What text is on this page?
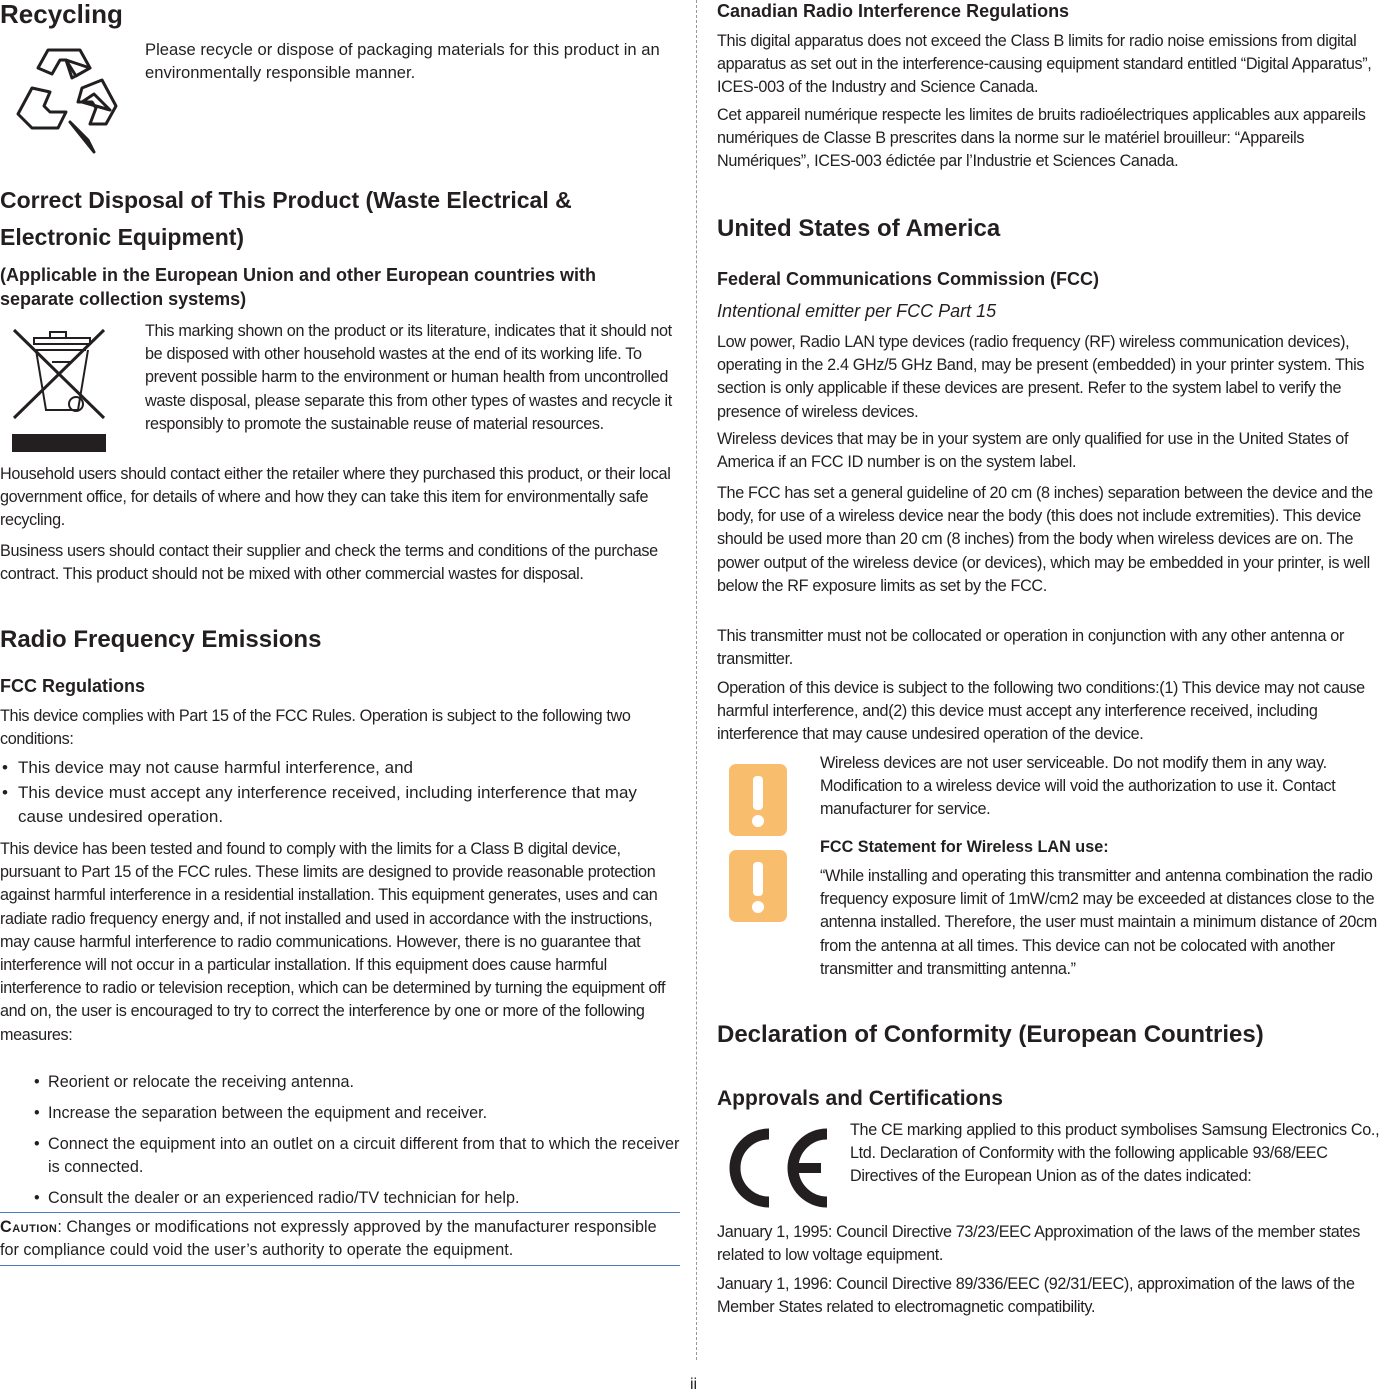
Recycling

Please recycle or dispose of packaging materials for this product in an environmentally responsible manner.

Correct Disposal of This Product (Waste Electrical & Electronic Equipment)
(Applicable in the European Union and other European countries with separate collection systems)

This marking shown on the product or its literature, indicates that it should not be disposed with other household wastes at the end of its working life. To prevent possible harm to the environment or human health from uncontrolled waste disposal, please separate this from other types of wastes and recycle it responsibly to promote the sustainable reuse of material resources.

Household users should contact either the retailer where they purchased this product, or their local government office, for details of where and how they can take this item for environmentally safe recycling.

Business users should contact their supplier and check the terms and conditions of the purchase contract. This product should not be mixed with other commercial wastes for disposal.

Radio Frequency Emissions
FCC Regulations

This device complies with Part 15 of the FCC Rules. Operation is subject to the following two conditions:

• This device may not cause harmful interference, and
• This device must accept any interference received, including interference that may cause undesired operation.

This device has been tested and found to comply with the limits for a Class B digital device, pursuant to Part 15 of the FCC rules. These limits are designed to provide reasonable protection against harmful interference in a residential installation. This equipment generates, uses and can radiate radio frequency energy and, if not installed and used in accordance with the instructions, may cause harmful interference to radio communications. However, there is no guarantee that interference will not occur in a particular installation. If this equipment does cause harmful interference to radio or television reception, which can be determined by turning the equipment off and on, the user is encouraged to try to correct the interference by one or more of the following measures:

• Reorient or relocate the receiving antenna.
• Increase the separation between the equipment and receiver.
• Connect the equipment into an outlet on a circuit different from that to which the receiver is connected.
• Consult the dealer or an experienced radio/TV technician for help.

Caution: Changes or modifications not expressly approved by the manufacturer responsible for compliance could void the user’s authority to operate the equipment.

Canadian Radio Interference Regulations

This digital apparatus does not exceed the Class B limits for radio noise emissions from digital apparatus as set out in the interference-causing equipment standard entitled “Digital Apparatus”, ICES-003 of the Industry and Science Canada.

Cet appareil numérique respecte les limites de bruits radioélectriques applicables aux appareils numériques de Classe B prescrites dans la norme sur le matériel brouilleur: “Appareils Numériques”, ICES-003 édictée par l’Industrie et Sciences Canada.

United States of America
Federal Communications Commission (FCC)
Intentional emitter per FCC Part 15

Low power, Radio LAN type devices (radio frequency (RF) wireless communication devices), operating in the 2.4 GHz/5 GHz Band, may be present (embedded) in your printer system. This section is only applicable if these devices are present. Refer to the system label to verify the presence of wireless devices.

Wireless devices that may be in your system are only qualified for use in the United States of America if an FCC ID number is on the system label.

The FCC has set a general guideline of 20 cm (8 inches) separation between the device and the body, for use of a wireless device near the body (this does not include extremities). This device should be used more than 20 cm (8 inches) from the body when wireless devices are on. The power output of the wireless device (or devices), which may be embedded in your printer, is well below the RF exposure limits as set by the FCC.

This transmitter must not be collocated or operation in conjunction with any other antenna or transmitter.

Operation of this device is subject to the following two conditions:(1) This device may not cause harmful interference, and(2) this device must accept any interference received, including interference that may cause undesired operation of the device.

Wireless devices are not user serviceable. Do not modify them in any way. Modification to a wireless device will void the authorization to use it. Contact manufacturer for service.

FCC Statement for Wireless LAN use:

“While installing and operating this transmitter and antenna combination the radio frequency exposure limit of 1mW/cm2 may be exceeded at distances close to the antenna installed. Therefore, the user must maintain a minimum distance of 20cm from the antenna at all times. This device can not be colocated with another transmitter and transmitting antenna.”

Declaration of Conformity (European Countries)
Approvals and Certifications

The CE marking applied to this product symbolises Samsung Electronics Co., Ltd. Declaration of Conformity with the following applicable 93/68/EEC Directives of the European Union as of the dates indicated:

January 1, 1995: Council Directive 73/23/EEC Approximation of the laws of the member states related to low voltage equipment.

January 1, 1996: Council Directive 89/336/EEC (92/31/EEC), approximation of the laws of the Member States related to electromagnetic compatibility.

ii
